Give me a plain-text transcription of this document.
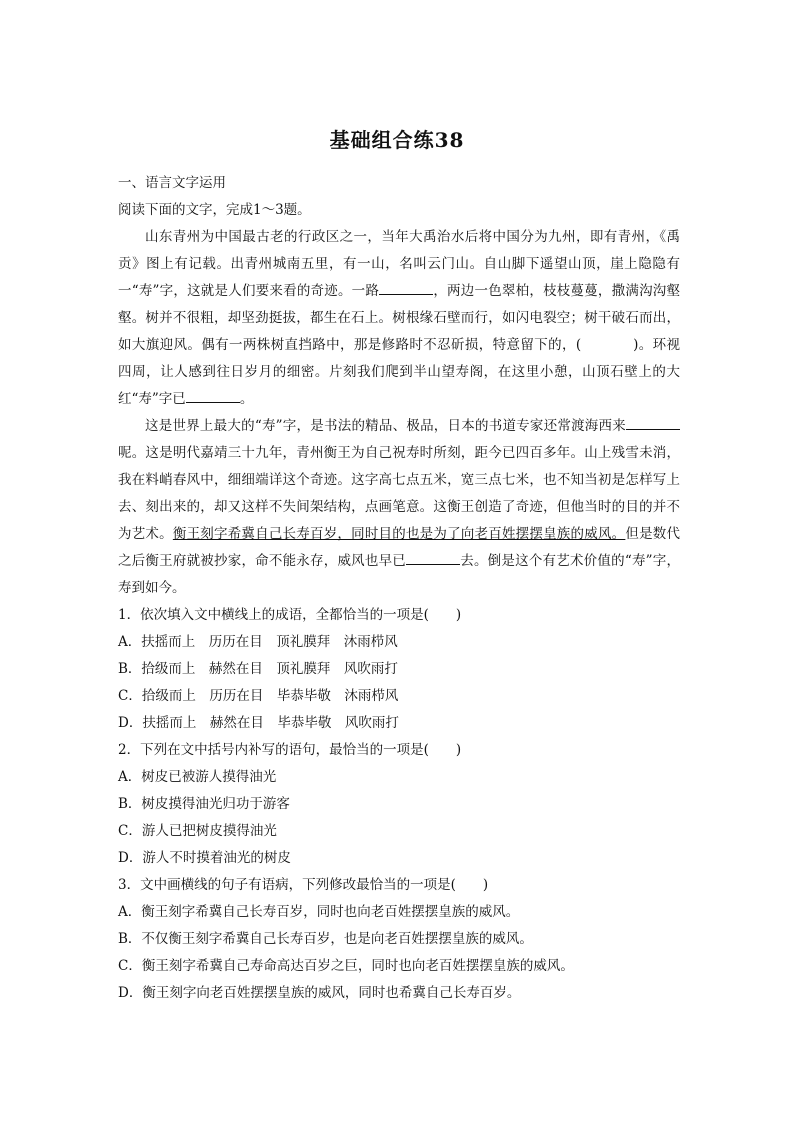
基础组合练38

一、语言文字运用

阅读下面的文字，完成1～3题。

山东青州为中国最古老的行政区之一，当年大禹治水后将中国分为九州，即有青州，《禹贡》图上有记载。出青州城南五里，有一山，名叫云门山。自山脚下遥望山顶，崖上隐隐有一“寿”字，这就是人们要来看的奇迹。一路	，两边一色翠柏，枝枝蔓蔓，撒满沟沟壑壑。树并不很粗，却坚劲挺拔，都生在石上。树根缘石壁而行，如闪电裂空；树干破石而出，如大旗迎风。偶有一两株树直挡路中，那是修路时不忍斫损，特意留下的，(	)。环视四周，让人感到往日岁月的细密。片刻我们爬到半山望寿阁，在这里小憩，山顶石壁上的大红“寿”字已	。

这是世界上最大的“寿”字，是书法的精品、极品，日本的书道专家还常渡海西来呢。这是明代嘉靖三十九年，青州衡王为自己祝寿时所刻，距今已四百多年。山上残雪未消，我在料峭春风中，细细端详这个奇迹。这字高七点五米，宽三点七米，也不知当初是怎样写上去、刻出来的，却又这样不失间架结构，点画笔意。这衡王创造了奇迹，但他当时的目的并不为艺术。衡王刻字希冀自己长寿百岁，同时目的也是为了向老百姓摆摆皇族的威风。但是数代之后衡王府就被抄家，命不能永存，威风也早已	去。倒是这个有艺术价值的“寿”字，寿到如今。

1．依次填入文中横线上的成语，全都恰当的一项是(　　)

A．扶摇而上　历历在目　顶礼膜拜　沐雨栉风

B．拾级而上　赫然在目　顶礼膜拜　风吹雨打

C．拾级而上　历历在目　毕恭毕敬　沐雨栉风

D．扶摇而上　赫然在目　毕恭毕敬　风吹雨打

2．下列在文中括号内补写的语句，最恰当的一项是(　　)

A．树皮已被游人摸得油光

B．树皮摸得油光归功于游客

C．游人已把树皮摸得油光

D．游人不时摸着油光的树皮

3．文中画横线的句子有语病，下列修改最恰当的一项是(　　)

A．衡王刻字希冀自己长寿百岁，同时也向老百姓摆摆皇族的威风。

B．不仅衡王刻字希冀自己长寿百岁，也是向老百姓摆摆皇族的威风。

C．衡王刻字希冀自己寿命高达百岁之巨，同时也向老百姓摆摆皇族的威风。

D．衡王刻字向老百姓摆摆皇族的威风，同时也希冀自己长寿百岁。
